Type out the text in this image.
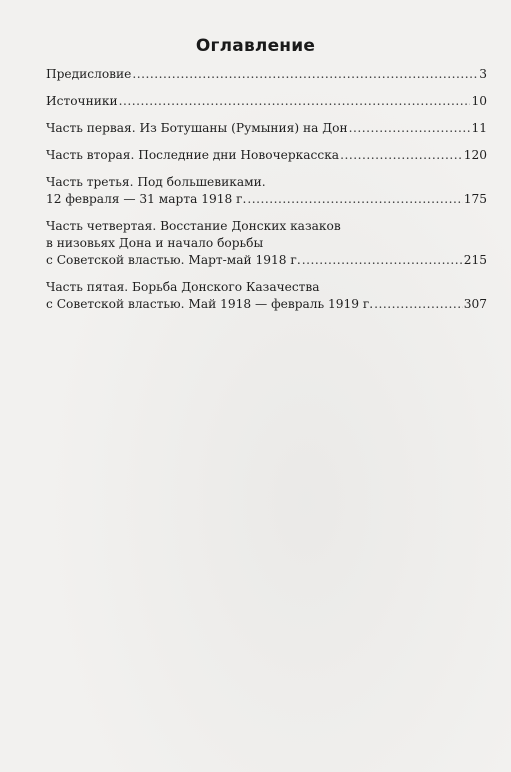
Оглавление
Предисловие .....	3
Источники .....	10
Часть первая. Из Ботушаны (Румыния) на Дон .....	11
Часть вторая. Последние дни Новочеркасска .....	120
Часть третья. Под большевиками.
12 февраля — 31 марта 1918 г. .....	175
Часть четвертая. Восстание Донских казаков
в низовьях Дона и начало борьбы
с Советской властью. Март-май 1918 г. .....	215
Часть пятая. Борьба Донского Казачества
с Советской властью. Май 1918 — февраль 1919 г. .....	307
